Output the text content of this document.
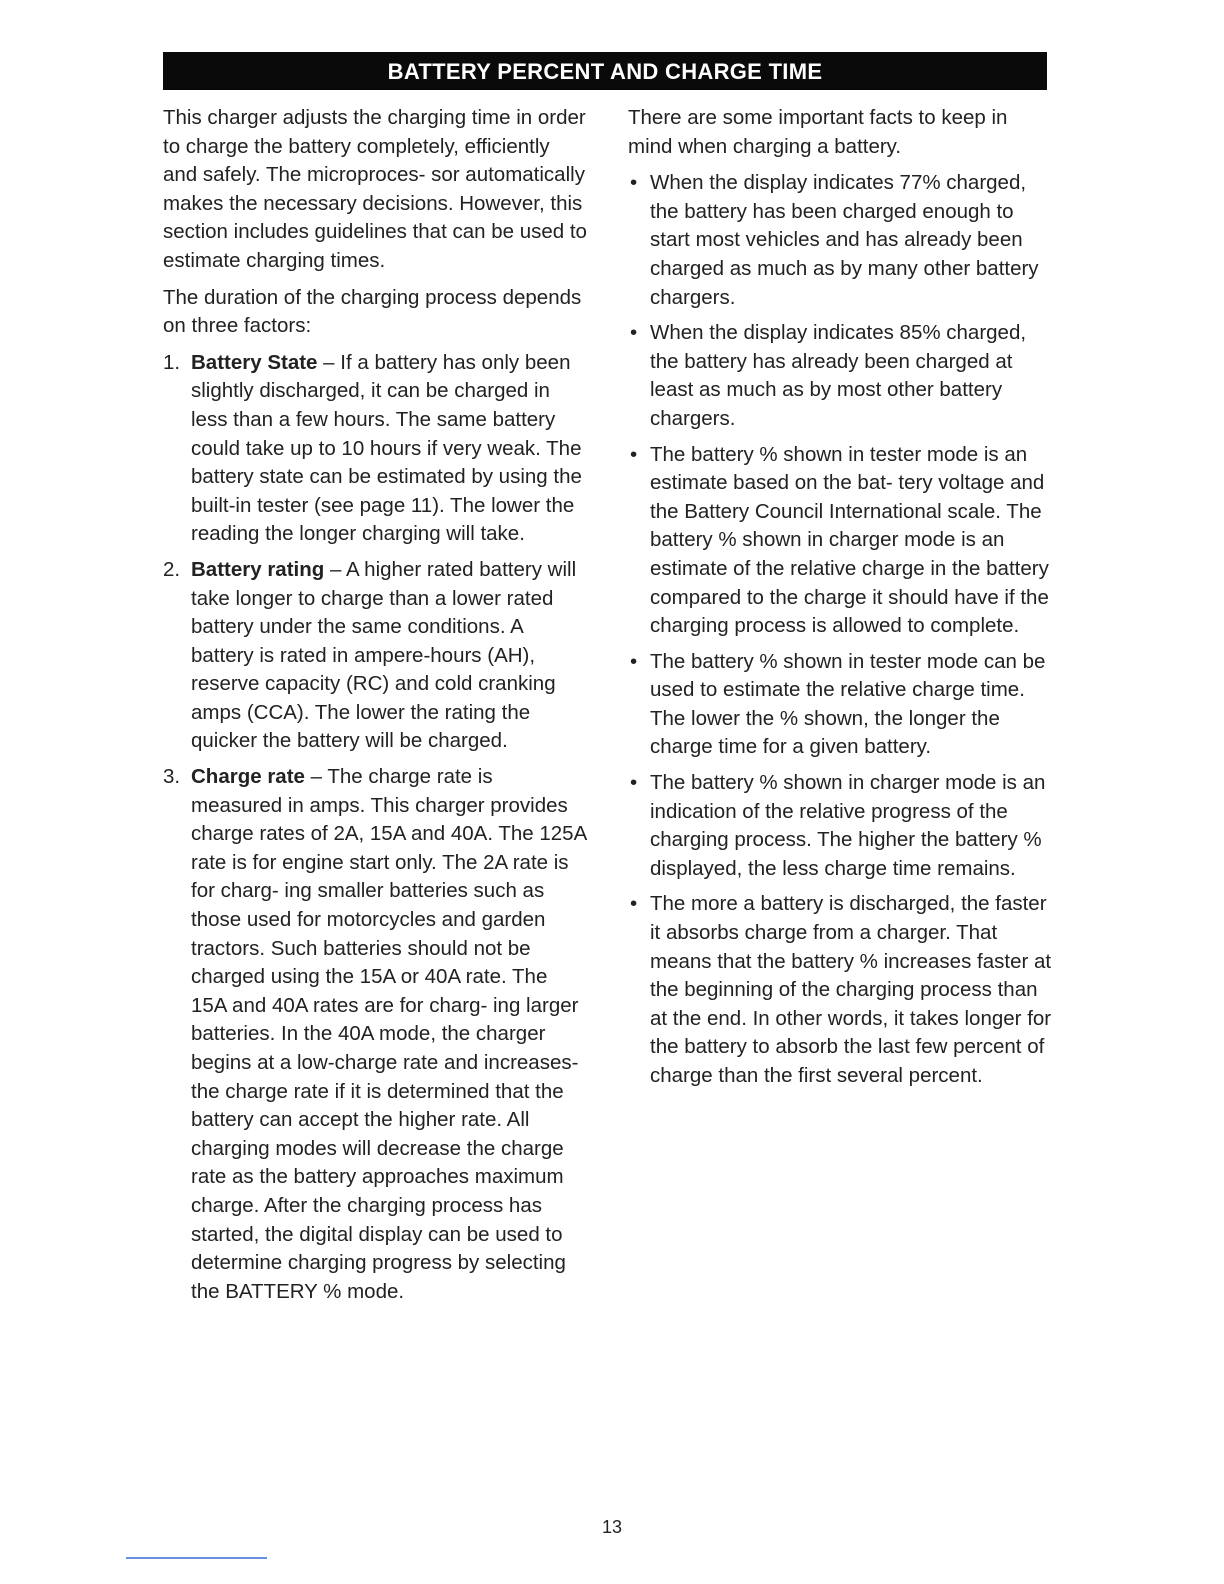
BATTERY PERCENT AND CHARGE TIME

This charger adjusts the charging time in order to charge the battery completely, efficiently and safely. The microproces- sor automatically makes the necessary decisions. However, this section includes guidelines that can be used to estimate charging times.

The duration of the charging process depends on three factors:

1. Battery State – If a battery has only been slightly discharged, it can be charged in less than a few hours. The same battery could take up to 10 hours if very weak. The battery state can be estimated by using the built-in tester (see page 11). The lower the reading the longer charging will take.
2. Battery rating – A higher rated battery will take longer to charge than a lower rated battery under the same conditions. A battery is rated in ampere-hours (AH), reserve capacity (RC) and cold cranking amps (CCA). The lower the rating the quicker the battery will be charged.
3. Charge rate – The charge rate is measured in amps. This charger provides charge rates of 2A, 15A and 40A. The 125A rate is for engine start only. The 2A rate is for charg- ing smaller batteries such as those used for motorcycles and garden tractors. Such batteries should not be charged using the 15A or 40A rate. The 15A and 40A rates are for charg- ing larger batteries. In the 40A mode, the charger begins at a low-charge rate and increases-the charge rate if it is determined that the battery can accept the higher rate. All charging modes will decrease the charge rate as the battery approaches maximum charge. After the charging process has started, the digital display can be used to determine charging progress by selecting the BATTERY % mode.

There are some important facts to keep in mind when charging a battery.

• When the display indicates 77% charged, the battery has been charged enough to start most vehicles and has already been charged as much as by many other battery chargers.
• When the display indicates 85% charged, the battery has already been charged at least as much as by most other battery chargers.
• The battery % shown in tester mode is an estimate based on the bat- tery voltage and the Battery Council International scale. The battery % shown in charger mode is an estimate of the relative charge in the battery compared to the charge it should have if the charging process is allowed to complete.
• The battery % shown in tester mode can be used to estimate the relative charge time. The lower the % shown, the longer the charge time for a given battery.
• The battery % shown in charger mode is an indication of the relative progress of the charging process. The higher the battery % displayed, the less charge time remains.
• The more a battery is discharged, the faster it absorbs charge from a charger. That means that the battery % increases faster at the beginning of the charging process than at the end. In other words, it takes longer for the battery to absorb the last few percent of charge than the first several percent.
13
